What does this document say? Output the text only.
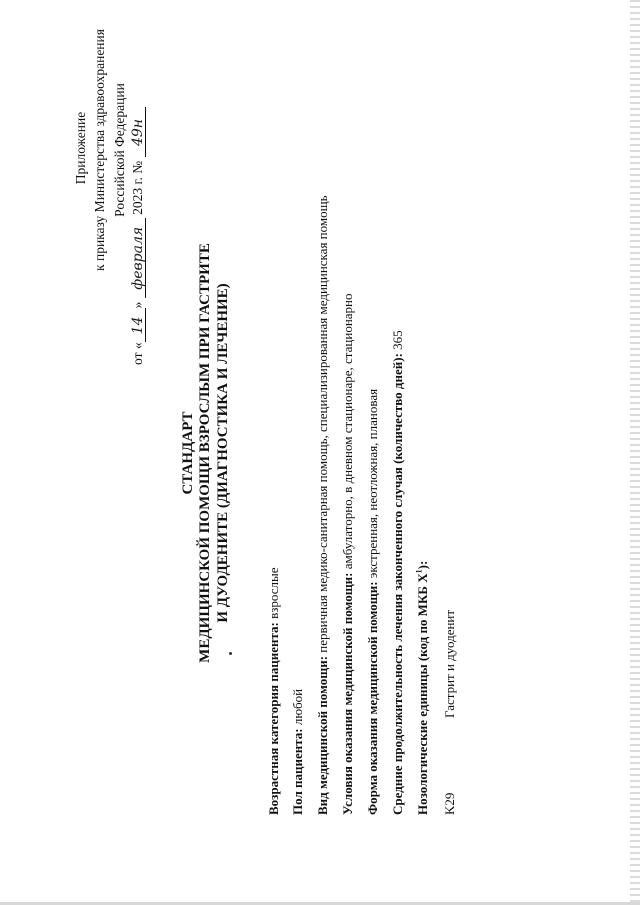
Приложение к приказу Министерства здравоохранения Российской Федерации
от «14» февраля 2023 г. № 49н
СТАНДАРТ МЕДИЦИНСКОЙ ПОМОЩИ ВЗРОСЛЫМ ПРИ ГАСТРИТЕ И ДУОДЕНИТЕ (ДИАГНОСТИКА И ЛЕЧЕНИЕ)
Возрастная категория пациента: взрослые
Пол пациента: любой Вид медицинской помощи: первичная медико-санитарная помощь, специализированная медицинская помощь
Условия оказания медицинской помощи: амбулаторно, в дневном стационаре, стационарно
Форма оказания медицинской помощи: экстренная, неотложная, плановая Средние продолжительность лечения законченного случая (количество дней): 365
Нозологические единицы (код по МКБ $X^1$):
K29
Гастрит и дуоденит
